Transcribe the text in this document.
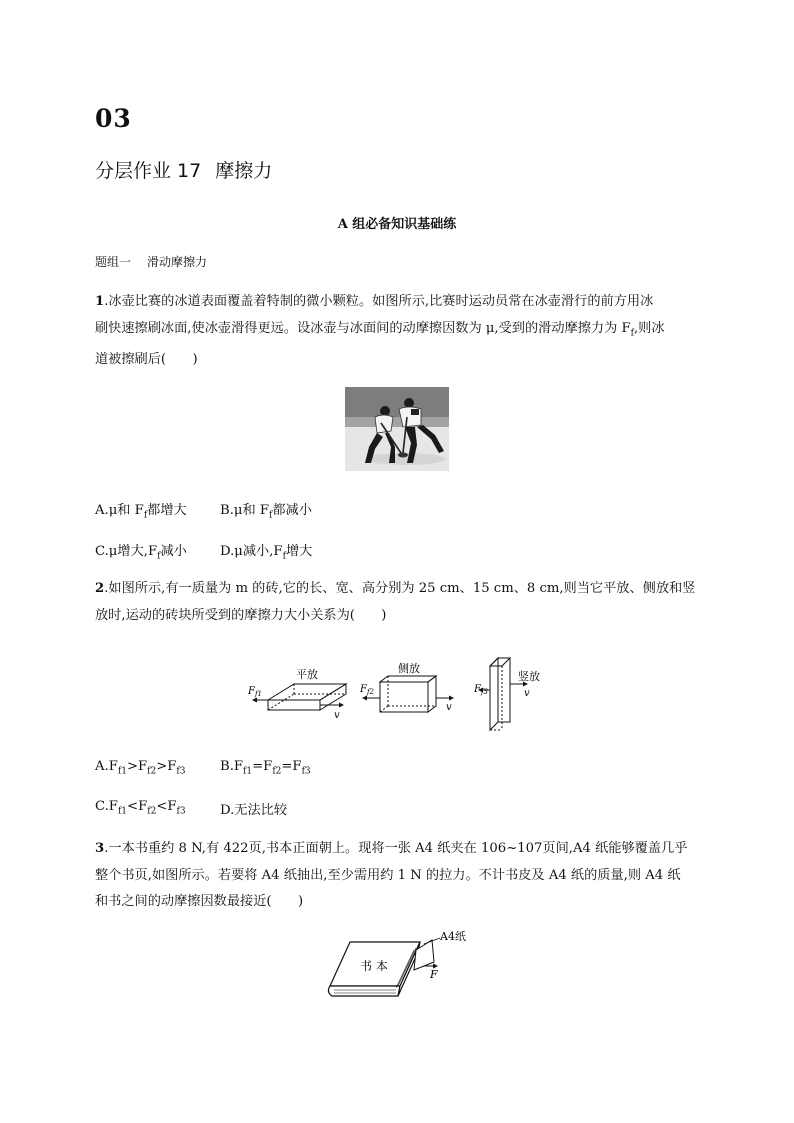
03
分层作业 17 摩擦力
A 组必备知识基础练
题组一 滑动摩擦力
1.冰壶比赛的冰道表面覆盖着特制的微小颗粒。如图所示,比赛时运动员常在冰壶滑行的前方用冰
刷快速擦刷冰面,使冰壶滑得更远。设冰壶与冰面间的动摩擦因数为 μ,受到的滑动摩擦力为 $F_f$,则冰
道被擦刷后(　　)
A.μ和 $F_f$都增大	B.μ和 $F_f$都减小
C.μ增大$,F_f$减小	D.μ减小$,F_f$增大
2.如图所示,有一质量为 m 的砖,它的长、宽、高分别为 25 cm、15 cm、8 cm,则当它平放、侧放和竖
放时,运动的砖块所受到的摩擦力大小关系为(　　)
平放
$F_{f1}$
v
侧放
$F_{f2}$
v
竖放
$F_{f3}$	v
$A.F_{f1}>F_{f2}>F_{f3}$	$B.F_{f1}=F_{f2}=F_{f3}$
$C.F_{f1}<F_{f2}<F_{f3}$	D.无法比较
3.一本书重约 8 N,有 422页,书本正面朝上。现将一张 A4 纸夹在 106~107页间,A4 纸能够覆盖几乎
整个书页,如图所示。若要将 A4 纸抽出,至少需用约 1 N 的拉力。不计书皮及 A4 纸的质量,则 A4 纸
和书之间的动摩擦因数最接近(　　)
书 本
A4纸
F
